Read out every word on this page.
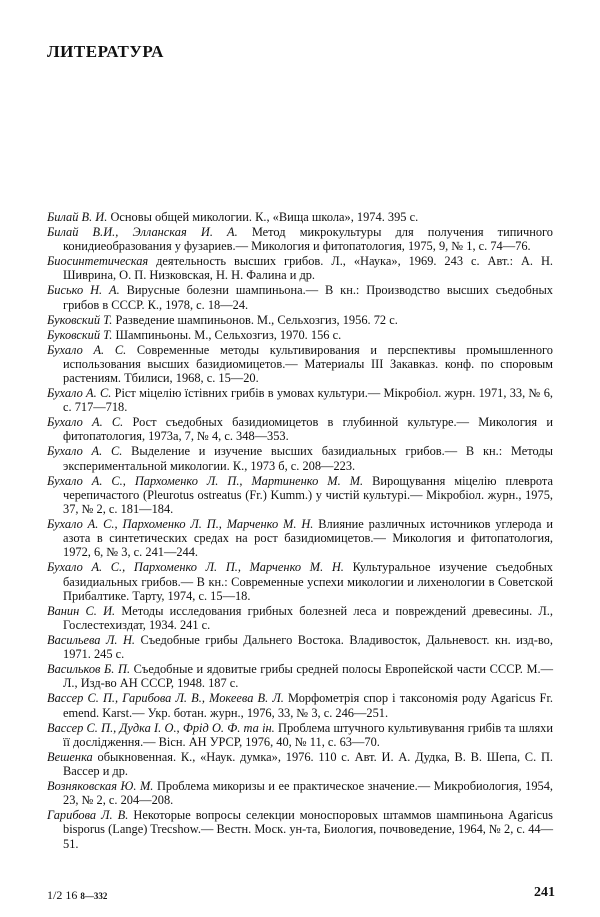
ЛИТЕРАТУРА

Билай В. И. Основы общей микологии. К., «Вища школа», 1974. 395 с.

Билай В.И., Элланская И. А. Метод микрокультуры для получения типичного конидиеобразования у фузариев.— Микология и фитопатология, 1975, 9, № 1, с. 74—76.

Биосинтетическая деятельность высших грибов. Л., «Наука», 1969. 243 с. Авт.: А. Н. Шиврина, О. П. Низковская, Н. Н. Фалина и др.

Бисько Н. А. Вирусные болезни шампиньона.— В кн.: Производство высших съедобных грибов в СССР. К., 1978, с. 18—24.

Буковский Т. Разведение шампиньонов. М., Сельхозгиз, 1956. 72 с.

Буковский Т. Шампиньоны. М., Сельхозгиз, 1970. 156 с.

Бухало А. С. Современные методы культивирования и перспективы промышленного использования высших базидиомицетов.— Материалы III Закавказ. конф. по споровым растениям. Тбилиси, 1968, с. 15—20.

Бухало А. С. Ріст міцелію їстівних грибів в умовах культури.— Мікробіол. журн. 1971, 33, № 6, с. 717—718.

Бухало А. С. Рост съедобных базидиомицетов в глубинной культуре.— Микология и фитопатология, 1973а, 7, № 4, с. 348—353.

Бухало А. С. Выделение и изучение высших базидиальных грибов.— В кн.: Методы экспериментальной микологии. К., 1973 б, с. 208—223.

Бухало А. С., Пархоменко Л. П., Мартиненко М. М. Вирощування міцелію плеврота черепичастого (Pleurotus ostreatus (Fr.) Kumm.) у чистій культурі.— Мікробіол. журн., 1975, 37, № 2, с. 181—184.

Бухало А. С., Пархоменко Л. П., Марченко М. Н. Влияние различных источников углерода и азота в синтетических средах на рост базидиомицетов.— Микология и фитопатология, 1972, 6, № 3, с. 241—244.

Бухало А. С., Пархоменко Л. П., Марченко М. Н. Культуральное изучение съедобных базидиальных грибов.— В кн.: Современные успехи микологии и лихенологии в Советской Прибалтике. Тарту, 1974, с. 15—18.

Ванин С. И. Методы исследования грибных болезней леса и повреждений древесины. Л., Гослестехиздат, 1934. 241 с.

Васильева Л. Н. Съедобные грибы Дальнего Востока. Владивосток, Дальневост. кн. изд-во, 1971. 245 с.

Васильков Б. П. Съедобные и ядовитые грибы средней полосы Европейской части СССР. М.— Л., Изд-во АН СССР, 1948. 187 с.

Вассер С. П., Гарибова Л. В., Мокеева В. Л. Морфометрія спор і таксономія роду Agaricus Fr. emend. Karst.— Укр. ботан. журн., 1976, 33, № 3, с. 246—251.

Вассер С. П., Дудка І. О., Фрід О. Ф. та ін. Проблема штучного культивування грибів та шляхи її дослідження.— Вісн. АН УРСР, 1976, 40, № 11, с. 63—70.

Вешенка обыкновенная. К., «Наук. думка», 1976. 110 с. Авт. И. А. Дудка, В. В. Шепа, С. П. Вассер и др.

Возняковская Ю. М. Проблема микоризы и ее практическое значение.— Микробиология, 1954, 23, № 2, с. 204—208.

Гарибова Л. В. Некоторые вопросы селекции моноспоровых штаммов шампиньона Agaricus bisporus (Lange) Trecshow.— Вестн. Моск. ун-та, Биология, почвоведение, 1964, № 2, с. 44—51.

1/2 16 8—332	241
